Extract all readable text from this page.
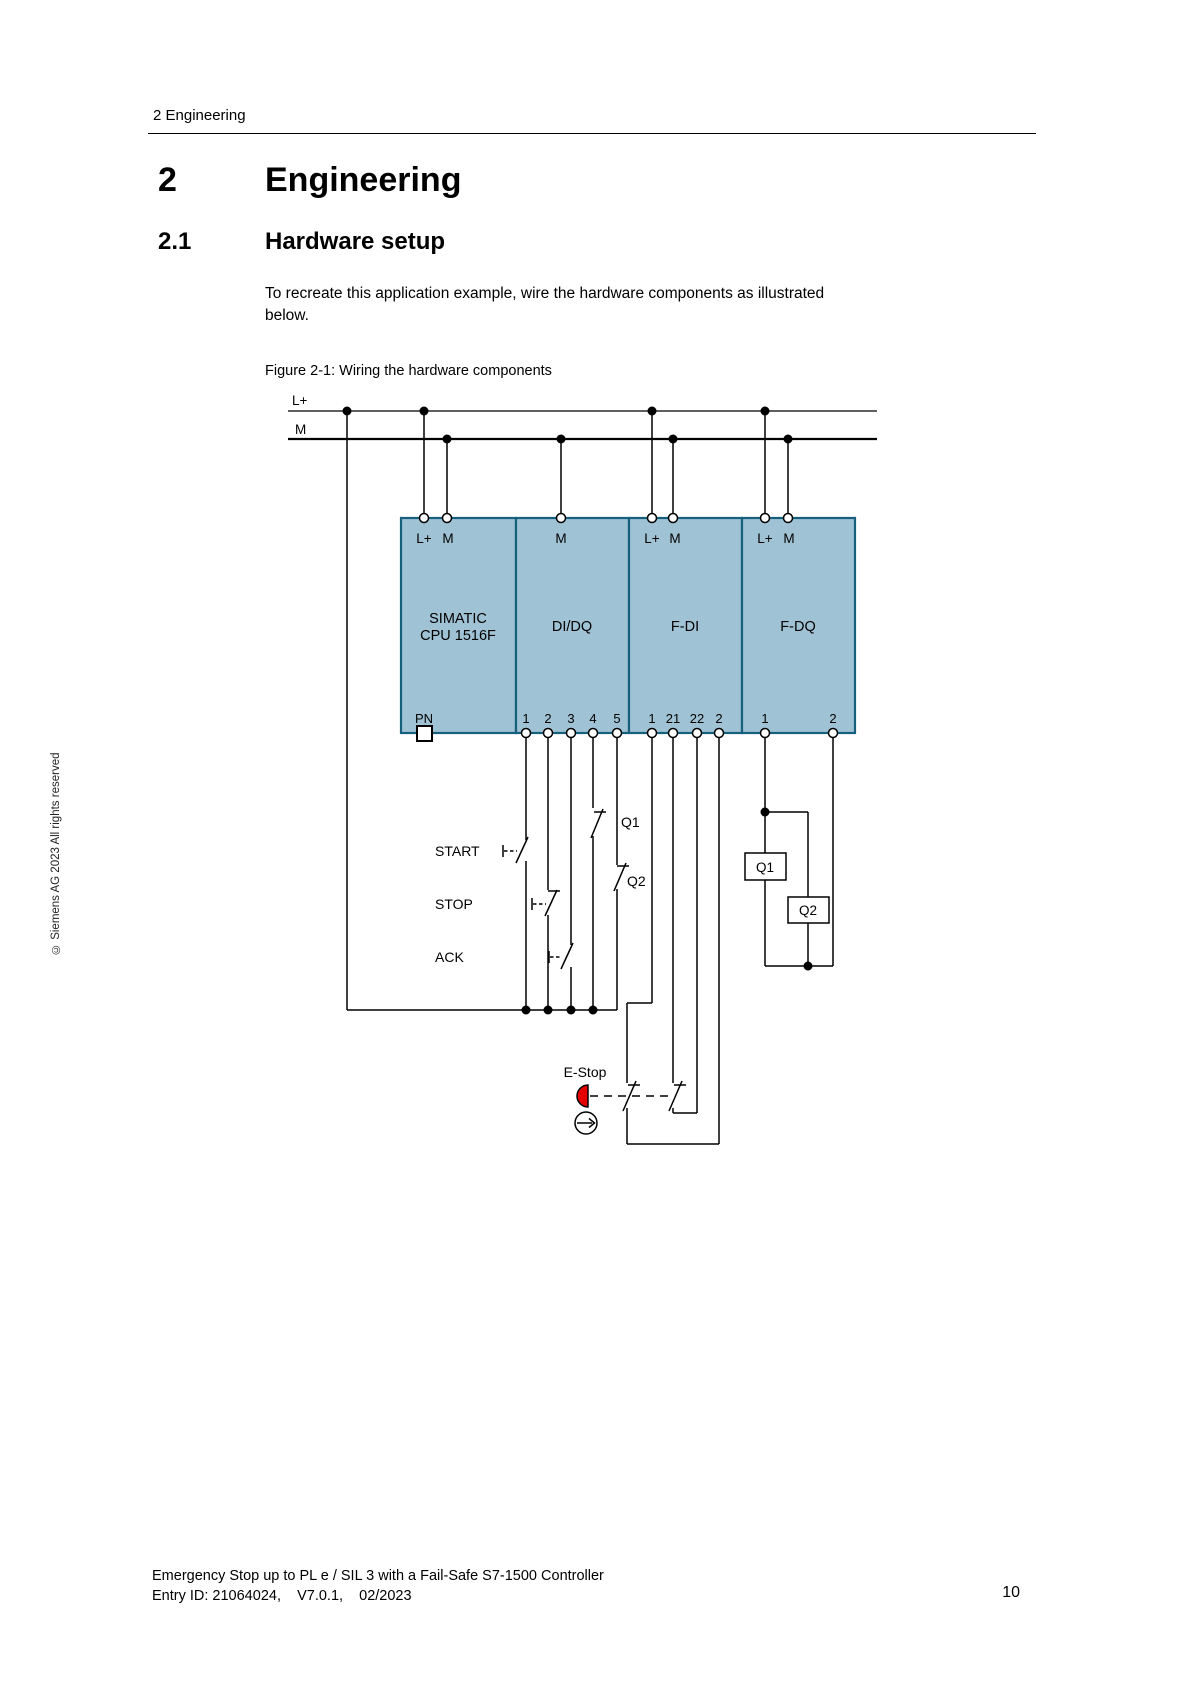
© Siemens AG 2023 All rights reserved
2 Engineering
2	Engineering
2.1	Hardware setup
To recreate this application example, wire the hardware components as illustrated
below.
Figure 2-1: Wiring the hardware components
L+
M
SIMATIC
CPU 1516F
DI/DQ	F-DI	F-DQ
L+ M	M	L+ M	L+ M
PN	1 2 3 4 5 1 21 22 2	1	2
START
STOP
ACK
Q1
Q2
E-Stop
Q1
Q2
Emergency Stop up to PL e / SIL 3 with a Fail-Safe S7-1500 Controller
Entry ID: 21064024,    V7.0.1,    02/2023	10
